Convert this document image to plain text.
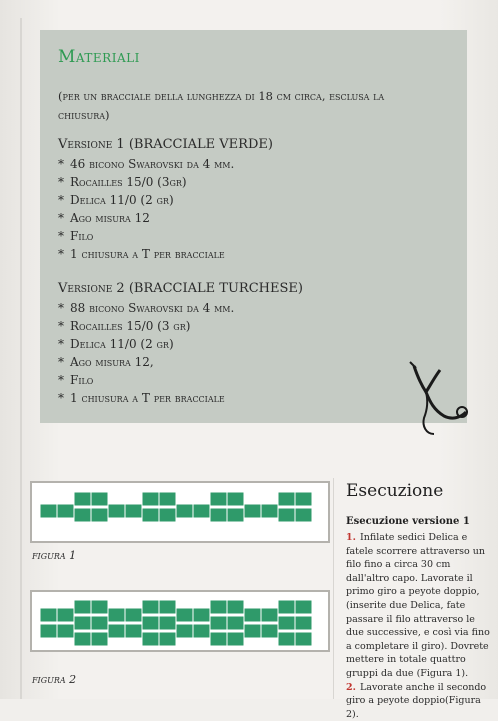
Materiali
(per un bracciale della lunghezza di 18 cm circa, esclusa la chiusura)
Versione 1 (BRACCIALE VERDE)
* 46 bicono Swarovski da 4 mm.
* Rocailles 15/0 (3gr)
* Delica 11/0 (2 gr)
* Ago misura 12
* Filo
* 1 chiusura a T per bracciale
Versione 2 (BRACCIALE TURCHESE)
* 88 bicono Swarovski da 4 mm.
* Rocailles 15/0 (3 gr)
* Delica 11/0 (2 gr)
* Ago misura 12,
* Filo
* 1 chiusura a T per bracciale
figura 1
figura 2
Esecuzione
Esecuzione versione 1
1. Infilate sedici Delica e fatele scorrere attraverso un filo fino a circa 30 cm dall'altro capo. Lavorate il primo giro a peyote doppio, (inserite due Delica, fate passare il filo attraverso le due successive, e così via fino a completare il giro). Dovrete mettere in totale quattro gruppi da due (Figura 1).
2. Lavorate anche il secondo giro a peyote doppio(Figura 2).
